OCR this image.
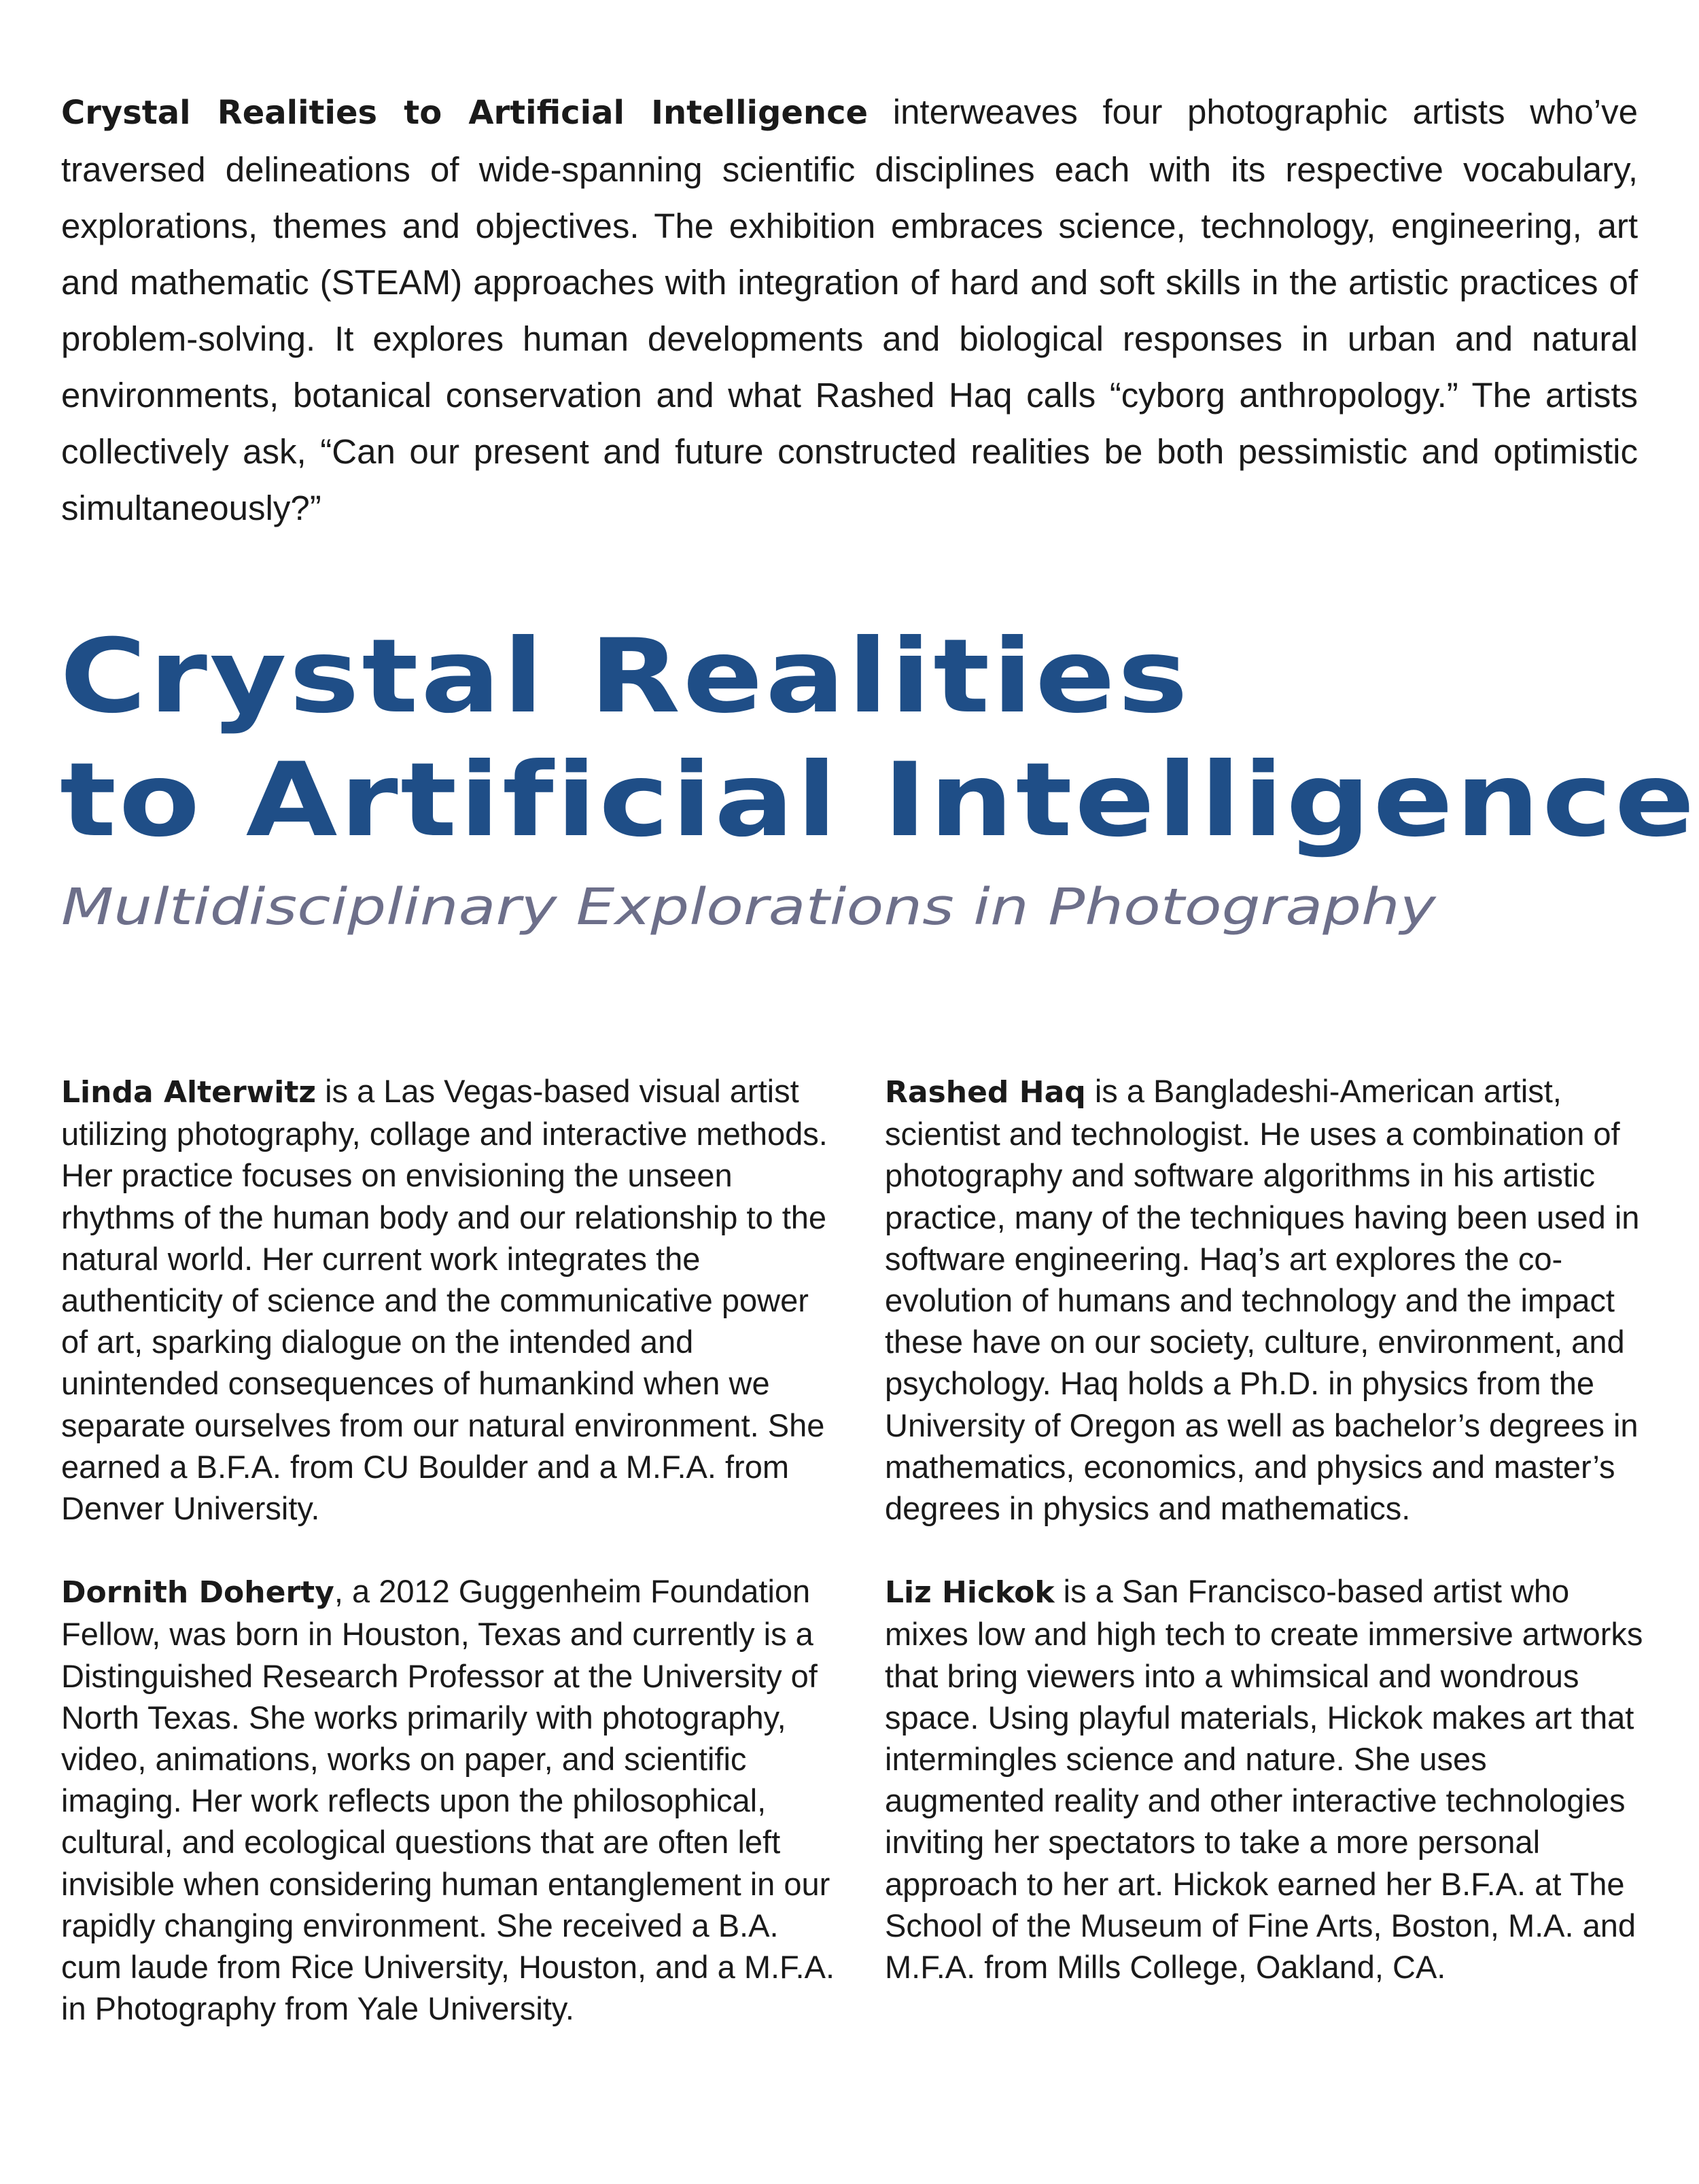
Crystal Realities to Artificial Intelligence interweaves four photographic artists who’ve traversed delineations of wide-spanning scientific disciplines each with its respective vocabulary, explorations, themes and objectives. The exhibition embraces science, technology, engineering, art and mathematic (STEAM) approaches with integration of hard and soft skills in the artistic practices of problem-solving. It explores human developments and biological responses in urban and natural environments, botanical conservation and what Rashed Haq calls “cyborg anthropology.” The artists collectively ask, “Can our present and future constructed realities be both pessimistic and optimistic simultaneously?”

Crystal Realities
to Artificial Intelligence
Multidisciplinary Explorations in Photography

Linda Alterwitz is a Las Vegas-based visual artist utilizing photography, collage and interactive methods. Her practice focuses on envisioning the unseen rhythms of the human body and our relationship to the natural world. Her current work integrates the authenticity of science and the communicative power of art, sparking dialogue on the intended and unintended consequences of humankind when we separate ourselves from our natural environment. She earned a B.F.A. from CU Boulder and a M.F.A. from Denver University.

Dornith Doherty, a 2012 Guggenheim Foundation Fellow, was born in Houston, Texas and currently is a Distinguished Research Professor at the University of North Texas. She works primarily with photography, video, animations, works on paper, and scientific imaging. Her work reflects upon the philosophical, cultural, and ecological questions that are often left invisible when considering human entanglement in our rapidly changing environment. She received a B.A. cum laude from Rice University, Houston, and a M.F.A. in Photography from Yale University.

Rashed Haq is a Bangladeshi-American artist, scientist and technologist. He uses a combination of photography and software algorithms in his artistic practice, many of the techniques having been used in software engineering. Haq’s art explores the co-evolution of humans and technology and the impact these have on our society, culture, environment, and psychology. Haq holds a Ph.D. in physics from the University of Oregon as well as bachelor’s degrees in mathematics, economics, and physics and master’s degrees in physics and mathematics.

Liz Hickok is a San Francisco-based artist who mixes low and high tech to create immersive artworks that bring viewers into a whimsical and wondrous space. Using playful materials, Hickok makes art that intermingles science and nature. She uses augmented reality and other interactive technologies inviting her spectators to take a more personal approach to her art. Hickok earned her B.F.A. at The School of the Museum of Fine Arts, Boston, M.A. and M.F.A. from Mills College, Oakland, CA.
